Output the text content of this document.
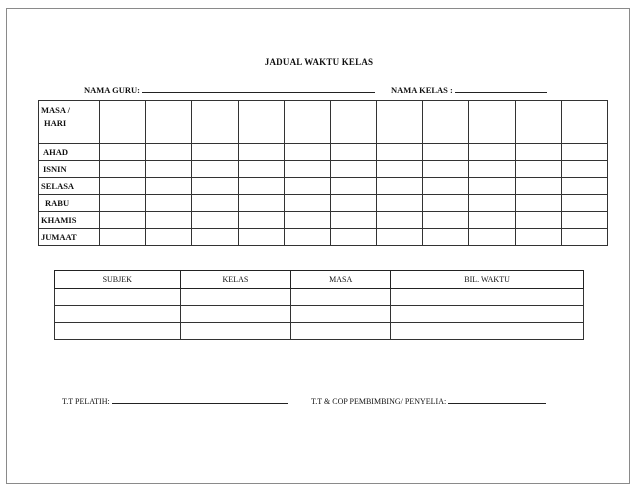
JADUAL WAKTU KELAS
NAMA GURU:	NAMA KELAS :
MASA /
HARI											

AHAD											
ISNIN											
SELASA											
RABU											
KHAMIS											
JUMAAT											
SUBJEK	KELAS	MASA	BIL. WAKTU

T.T PELATIH:	T.T & COP PEMBIMBING/ PENYELIA:
